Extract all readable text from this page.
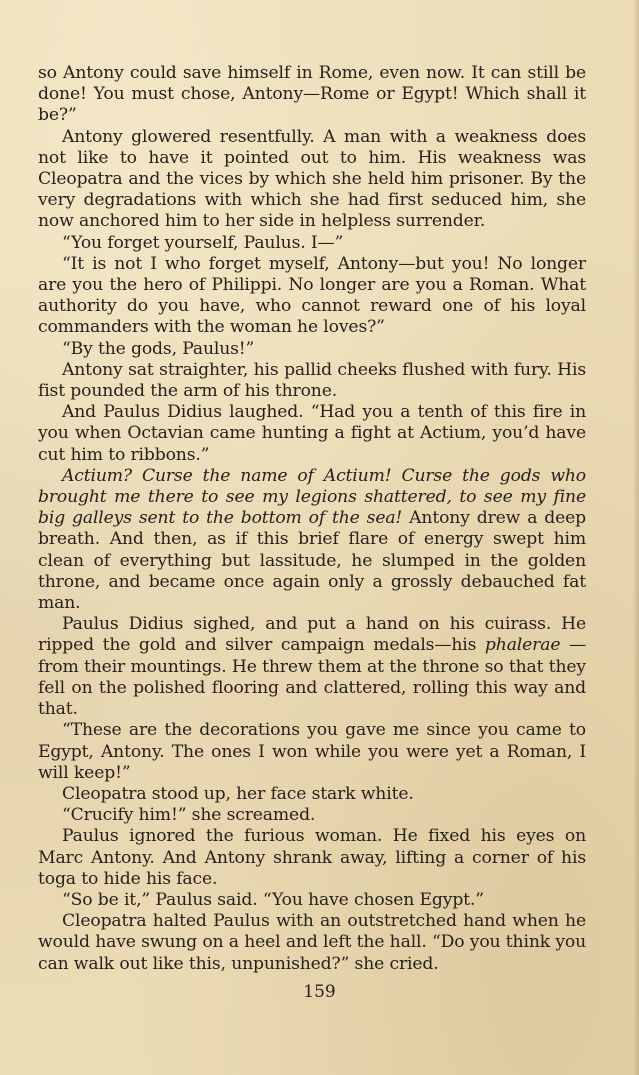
so Antony could save himself in Rome, even now. It can still be done! You must chose, Antony—Rome or Egypt! Which shall it be?”

Antony glowered resentfully. A man with a weakness does not like to have it pointed out to him. His weakness was Cleopatra and the vices by which she held him prisoner. By the very degradations with which she had first seduced him, she now anchored him to her side in helpless surrender.

“You forget yourself, Paulus. I—”

“It is not I who forget myself, Antony—but you! No longer are you the hero of Philippi. No longer are you a Roman. What authority do you have, who cannot reward one of his loyal commanders with the woman he loves?”

“By the gods, Paulus!”

Antony sat straighter, his pallid cheeks flushed with fury. His fist pounded the arm of his throne.

And Paulus Didius laughed. “Had you a tenth of this fire in you when Octavian came hunting a fight at Actium, you’d have cut him to ribbons.”

Actium? Curse the name of Actium! Curse the gods who brought me there to see my legions shattered, to see my fine big galleys sent to the bottom of the sea! Antony drew a deep breath. And then, as if this brief flare of energy swept him clean of everything but lassitude, he slumped in the golden throne, and became once again only a grossly debauched fat man.

Paulus Didius sighed, and put a hand on his cuirass. He ripped the gold and silver campaign medals—his phalerae —from their mountings. He threw them at the throne so that they fell on the polished flooring and clattered, rolling this way and that.

“These are the decorations you gave me since you came to Egypt, Antony. The ones I won while you were yet a Roman, I will keep!”

Cleopatra stood up, her face stark white.

“Crucify him!” she screamed.

Paulus ignored the furious woman. He fixed his eyes on Marc Antony. And Antony shrank away, lifting a corner of his toga to hide his face.

“So be it,” Paulus said. “You have chosen Egypt.”

Cleopatra halted Paulus with an outstretched hand when he would have swung on a heel and left the hall. “Do you think you can walk out like this, unpunished?” she cried.

159
